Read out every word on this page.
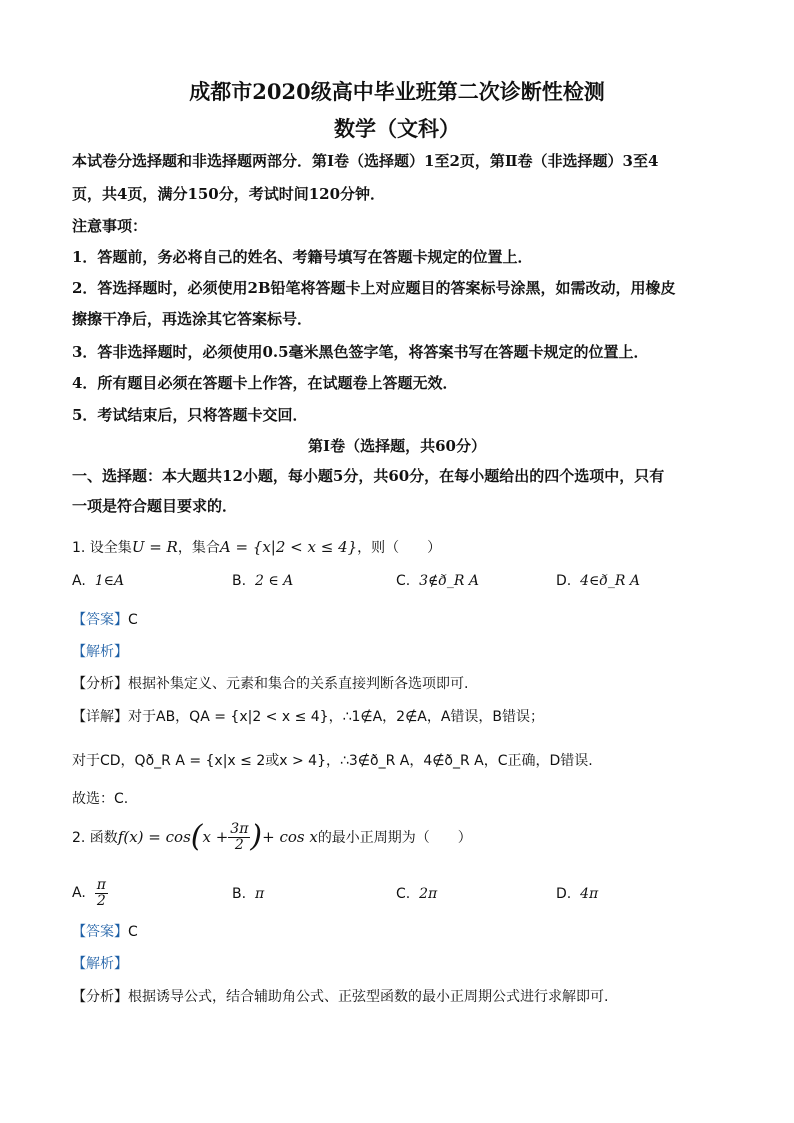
成都市2020级高中毕业班第二次诊断性检测
数学（文科）
本试卷分选择题和非选择题两部分．第Ⅰ卷（选择题）1至2页，第Ⅱ卷（非选择题）3至4
页，共4页，满分150分，考试时间120分钟．
注意事项：
1．答题前，务必将自己的姓名、考籍号填写在答题卡规定的位置上．
2．答选择题时，必须使用2B铅笔将答题卡上对应题目的答案标号涂黑，如需改动，用橡皮
擦擦干净后，再选涂其它答案标号．
3．答非选择题时，必须使用0.5毫米黑色签字笔，将答案书写在答题卡规定的位置上．
4．所有题目必须在答题卡上作答，在试题卷上答题无效．
5．考试结束后，只将答题卡交回．
第Ⅰ卷（选择题，共60分）
一、选择题：本大题共12小题，每小题5分，共60分，在每小题给出的四个选项中，只有
一项是符合题目要求的．
1. 设全集U = R，集合A = {x|2 < x ≤ 4}，则（　　）
A. 1∈A	B. 2 ∈ A	C. 3∉ð_R A	D. 4∈ð_R A
【答案】C
【解析】
【分析】根据补集定义、元素和集合的关系直接判断各选项即可.
【详解】对于AB，QA = {x|2 < x ≤ 4}，∴1∉A，2∉A，A错误，B错误；
对于CD，Qð_R A = {x|x ≤ 2或x > 4}，∴3∉ð_R A，4∉ð_R A，C正确，D错误.
故选：C.
2. 函数$f(x) = \cos(x + \frac{3\pi}{2}$ )+ cos x的最小正周期为（　　）
A. $\frac{\pi}{2}$	B. π	C. 2π	D. 4π
【答案】C
【解析】
【分析】根据诱导公式，结合辅助角公式、正弦型函数的最小正周期公式进行求解即可.
